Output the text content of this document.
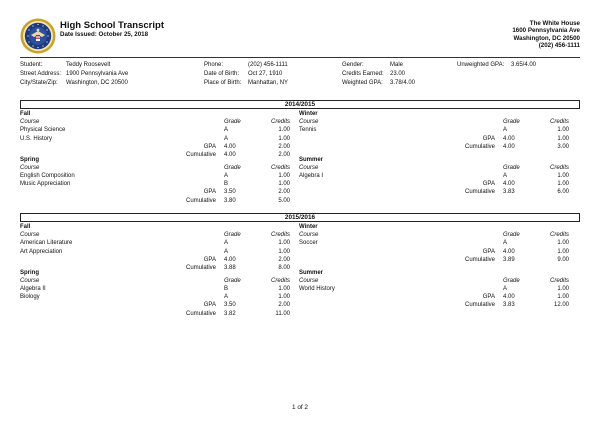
High School Transcript
Date Issued: October 25, 2018
The White House
1600 Pennsylvania Ave
Washington, DC 20500
(202) 456-1111
Student:	Teddy Roosevelt
Street Address: 1900 Pennsylvania Ave
City/State/Zip: Washington, DC 20500
Phone:	(202) 456-1111
Date of Birth: Oct 27, 1910
Place of Birth: Manhattan, NY
Gender:	Male
Credits Earned: 23.00
Weighted GPA: 3.78/4.00
Unweighted GPA: 3.65/4.00
2014/2015
Fall
Course	Grade	Credits
Physical Science	A	1.00
U.S. History	A	1.00
GPA 4.00	2.00
Cumulative 4.00	2.00
Winter
Course	Grade	Credits
Tennis	A	1.00
GPA 4.00	1.00
Cumulative 4.00	3.00
Spring
Course	Grade	Credits
English Composition	A	1.00
Music Appreciation	B	1.00
GPA 3.50	2.00
Cumulative 3.80	5.00
Summer
Course	Grade	Credits
Algebra I	A	1.00
GPA 4.00	1.00
Cumulative 3.83	6.00
2015/2016
Fall
Course	Grade	Credits
American Literature	A	1.00
Art Appreciation	A	1.00
GPA 4.00	2.00
Cumulative 3.88	8.00
Winter
Course	Grade	Credits
Soccer	A	1.00
GPA 4.00	1.00
Cumulative 3.89	9.00
Spring
Course	Grade	Credits
Algebra II	B	1.00
Biology	A	1.00
GPA 3.50	2.00
Cumulative 3.82	11.00
Summer
Course	Grade	Credits
World History	A	1.00
GPA 4.00	1.00
Cumulative 3.83	12.00
1 of 2
